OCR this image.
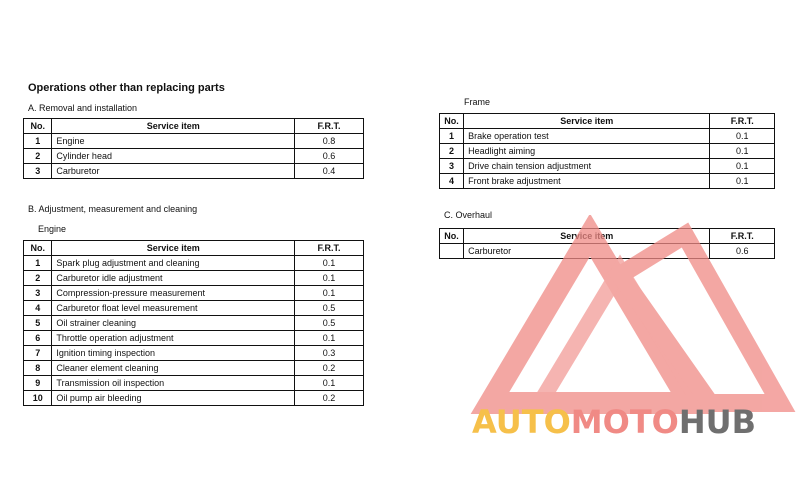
Operations other than replacing parts
A. Removal and installation
No.	Service item	F.R.T.
1	Engine	0.8
2	Cylinder head	0.6
3	Carburetor	0.4
B. Adjustment, measurement and cleaning
Engine
No.	Service item	F.R.T.
1	Spark plug adjustment and cleaning	0.1
2	Carburetor idle adjustment	0.1
3	Compression-pressure measurement	0.1
4	Carburetor float level measurement	0.5
5	Oil strainer cleaning	0.5
6	Throttle operation adjustment	0.1
7	Ignition timing inspection	0.3
8	Cleaner element cleaning	0.2
9	Transmission oil inspection	0.1
10	Oil pump air bleeding	0.2
Frame
No.	Service item	F.R.T.
1	Brake operation test	0.1
2	Headlight aiming	0.1
3	Drive chain tension adjustment	0.1
4	Front brake adjustment	0.1
C. Overhaul
No.	Service item	F.R.T.
	Carburetor	0.6
AUTOMOTOHUB
